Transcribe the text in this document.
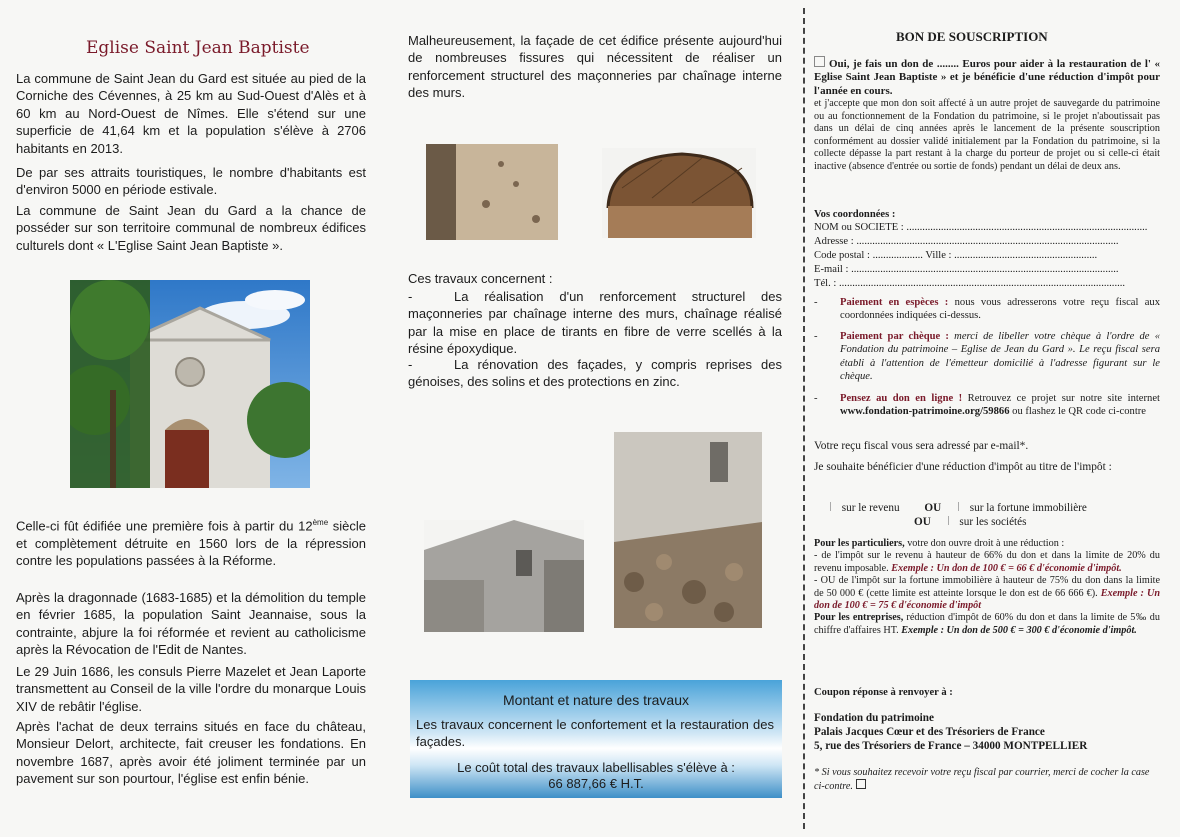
Eglise Saint Jean Baptiste

La commune de Saint Jean du Gard est située au pied de la Corniche des Cévennes, à 25 km au Sud-Ouest d'Alès et à 60 km au Nord-Ouest de Nîmes. Elle s'étend sur une superficie de 41,64 km et la population s'élève à 2706 habitants en 2013.

De par ses attraits touristiques, le nombre d'habitants est d'environ 5000 en période estivale.

La commune de Saint Jean du Gard a la chance de posséder sur son territoire communal de nombreux édifices culturels dont « L'Eglise Saint Jean Baptiste ».

Celle-ci fût édifiée une première fois à partir du 12ème siècle et complètement détruite en 1560 lors de la répression contre les populations passées à la Réforme.

Après la dragonnade (1683-1685) et la démolition du temple en février 1685, la population Saint Jeannaise, sous la contrainte, abjure la foi réformée et revient au catholicisme après la Révocation de l'Edit de Nantes.

Le 29 Juin 1686, les consuls Pierre Mazelet et Jean Laporte transmettent au Conseil de la ville l'ordre du monarque Louis XIV de rebâtir l'église.

Après l'achat de deux terrains situés en face du château, Monsieur Delort, architecte, fait creuser les fondations. En novembre 1687, après avoir été joliment terminée par un pavement sur son pourtour, l'église est enfin bénie.

Malheureusement, la façade de cet édifice présente aujourd'hui de nombreuses fissures qui nécessitent de réaliser un renforcement structurel des maçonneries par chaînage interne des murs.

Ces travaux concernent :
-	La réalisation d'un renforcement structurel des maçonneries par chaînage interne des murs, chaînage réalisé par la mise en place de tirants en fibre de verre scellés à la résine époxydique.
-	La rénovation des façades, y compris reprises des génoises, des solins et des protections en zinc.
Montant et nature des travaux
Les travaux concernent le confortement et la restauration des façades.
Le coût total des travaux labellisables s'élève à :
66 887,66 € H.T.
BON DE SOUSCRIPTION

Oui, je fais un don de ........ Euros pour aider à la restauration de l' « Eglise Saint Jean Baptiste » et je bénéficie d'une réduction d'impôt pour l'année en cours.

et j'accepte que mon don soit affecté à un autre projet de sauvegarde du patrimoine ou au fonctionnement de la Fondation du patrimoine, si le projet n'aboutissait pas dans un délai de cinq années après le lancement de la présente souscription conformément au dossier validé initialement par la Fondation du patrimoine, si la collecte dépasse la part restant à la charge du porteur de projet ou si celle-ci était inactive (absence d'entrée ou sortie de fonds) pendant un délai de deux ans.

Vos coordonnées :
NOM ou SOCIETE : ...........................................................................................
Adresse : ...................................................................................................
Code postal : ................... Ville : ......................................................
E-mail : .....................................................................................................
Tél. : ............................................................................................................
-	Paiement en espèces : nous vous adresserons votre reçu fiscal aux coordonnées indiquées ci-dessus.

-	Paiement par chèque : merci de libeller votre chèque à l'ordre de « Fondation du patrimoine – Eglise de Jean du Gard ». Le reçu fiscal sera établi à l'attention de l'émetteur domicilié à l'adresse figurant sur le chèque.

-	Pensez au don en ligne ! Retrouvez ce projet sur notre site internet www.fondation-patrimoine.org/59866 ou flashez le QR code ci-contre

Votre reçu fiscal vous sera adressé par e-mail*.
Je souhaite bénéficier d'une réduction d'impôt au titre de l'impôt :
sur le revenu OU	sur la fortune immobilière
OU	sur les sociétés

Pour les particuliers, votre don ouvre droit à une réduction :
- de l'impôt sur le revenu à hauteur de 66% du don et dans la limite de 20% du revenu imposable. Exemple : Un don de 100 € = 66 € d'économie d'impôt.
- OU de l'impôt sur la fortune immobilière à hauteur de 75% du don dans la limite de 50 000 € (cette limite est atteinte lorsque le don est de 66 666 €). Exemple : Un don de 100 € = 75 € d'économie d'impôt
Pour les entreprises, réduction d'impôt de 60% du don et dans la limite de 5‰ du chiffre d'affaires HT. Exemple : Un don de 500 € = 300 € d'économie d'impôt.

Coupon réponse à renvoyer à :
Fondation du patrimoine
Palais Jacques Cœur et des Trésoriers de France
5, rue des Trésoriers de France – 34000 MONTPELLIER

* Si vous souhaitez recevoir votre reçu fiscal par courrier, merci de cocher la case ci-contre.
